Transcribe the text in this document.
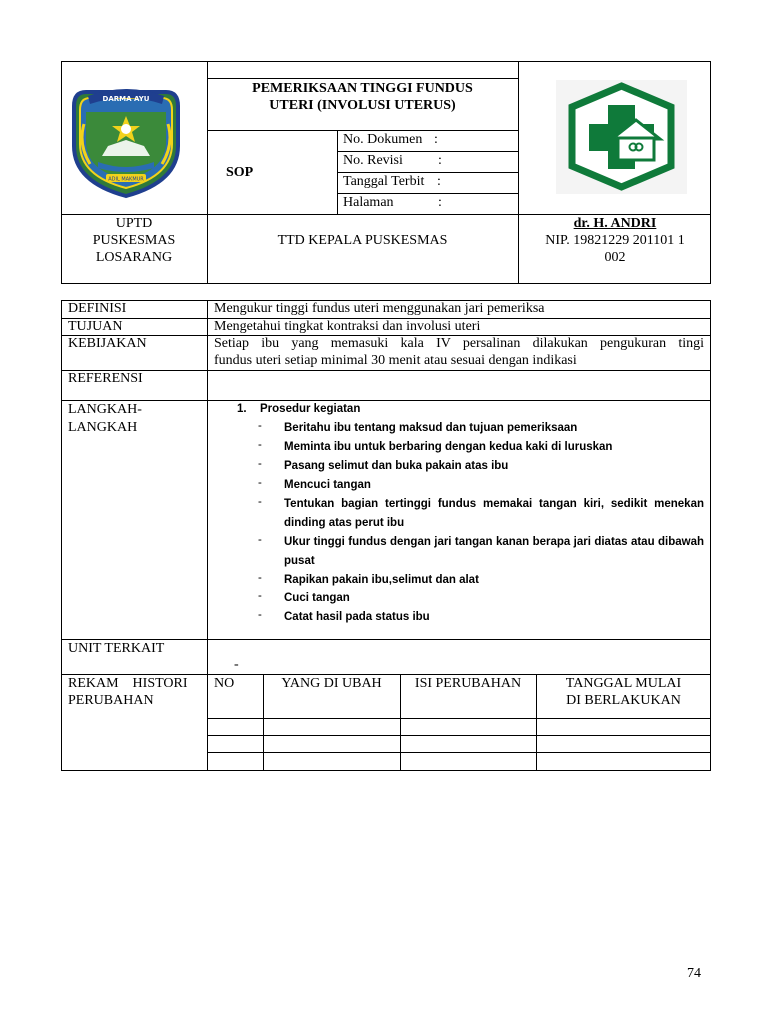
DARMA AYU
ADIL MAKMUR
PEMERIKSAAN TINGGI FUNDUS
UTERI (INVOLUSI UTERUS)
SOP
No. Dokumen :
No. Revisi	:
Tanggal Terbit :
Halaman	:
UPTD
PUSKESMAS
LOSARANG
TTD KEPALA PUSKESMAS
dr. H. ANDRI
NIP. 19821229 201101 1
002
DEFINISI	Mengukur tinggi fundus uteri menggunakan jari pemeriksa
TUJUAN	Mengetahui tingkat kontraksi dan involusi uteri
KEBIJAKAN	Setiap ibu yang memasuki kala IV persalinan dilakukan pengukuran tingi
fundus uteri setiap minimal 30 menit atau sesuai dengan indikasi
REFERENSI
LANGKAH-
LANGKAH
1. Prosedur kegiatan
- Beritahu ibu tentang maksud dan tujuan pemeriksaan
- Meminta ibu untuk berbaring dengan kedua kaki di luruskan
- Pasang selimut dan buka pakain atas ibu
- Mencuci tangan
- Tentukan bagian tertinggi fundus memakai tangan kiri, sedikit menekan dinding atas perut ibu
- Ukur tinggi fundus dengan jari tangan kanan berapa jari diatas atau dibawah pusat
- Rapikan pakain ibu,selimut dan alat
- Cuci tangan
- Catat hasil pada status ibu
UNIT TERKAIT
-
REKAM    HISTORI
PERUBAHAN
NO	YANG DI UBAH	ISI PERUBAHAN	TANGGAL MULAI
DI BERLAKUKAN
74
